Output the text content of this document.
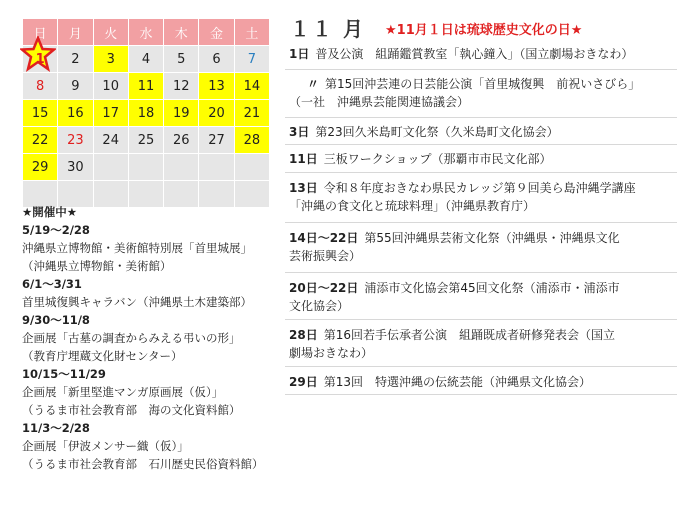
日	月	火	水	木	金	土

1	2	3	4	5	6	7
8	9	10	11	12	13	14
15	16	17	18	19	20	21
22	23	24	25	26	27	28
29	30					

★開催中★
5/19〜2/28
沖縄県立博物館・美術館特別展「首里城展」
（沖縄県立博物館・美術館）
6/1〜3/31
首里城復興キャラバン（沖縄県土木建築部）
9/30〜11/8
企画展「古墓の調査からみえる弔いの形」
（教育庁埋蔵文化財センター）
10/15〜11/29
企画展「新里堅進マンガ原画展（仮）」
（うるま市社会教育部　海の文化資料館）
11/3〜2/28
企画展「伊波メンサー織（仮）」
（うるま市社会教育部　石川歴史民俗資料館）
１１ 月 ★11月１日は琉球歴史文化の日★
1日 普及公演　組踊鑑賞教室「執心鐘入」（国立劇場おきなわ）
〃 第15回沖芸連の日芸能公演「首里城復興　前祝いさびら」
（一社　沖縄県芸能関連協議会）
3日 第23回久米島町文化祭（久米島町文化協会）
11日 三板ワークショップ（那覇市市民文化部）
13日 令和８年度おきなわ県民カレッジ第９回美ら島沖縄学講座
「沖縄の食文化と琉球料理」（沖縄県教育庁）
14日〜22日 第55回沖縄県芸術文化祭（沖縄県・沖縄県文化
芸術振興会）
20日〜22日 浦添市文化協会第45回文化祭（浦添市・浦添市
文化協会）
28日 第16回若手伝承者公演　組踊既成者研修発表会（国立
劇場おきなわ）
29日 第13回　特選沖縄の伝統芸能（沖縄県文化協会）
